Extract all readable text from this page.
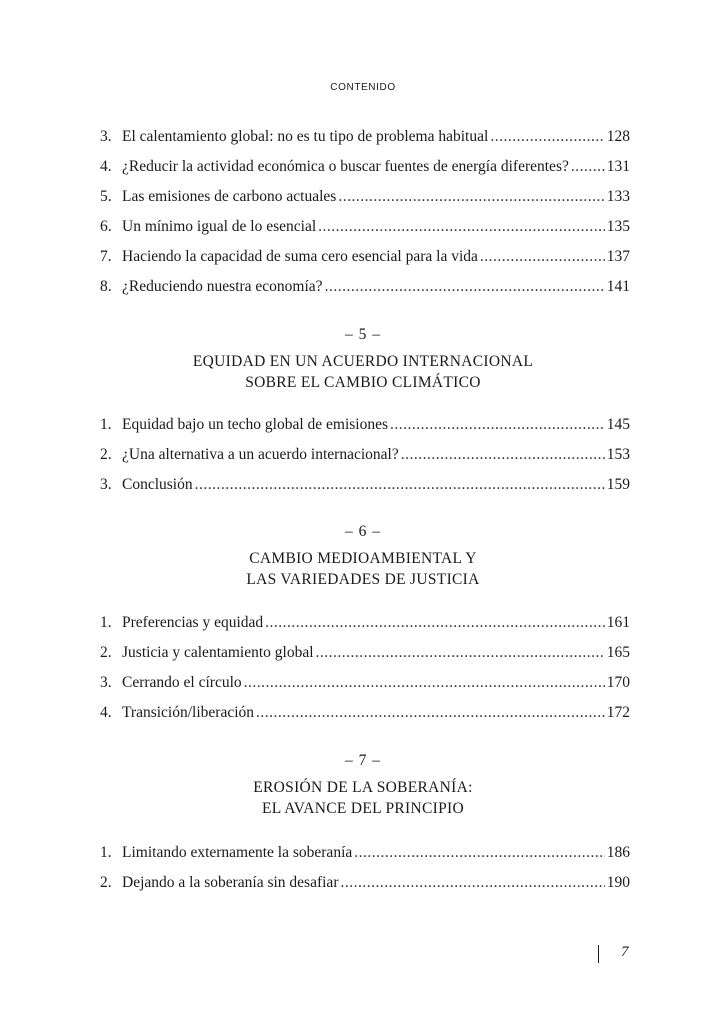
CONTENIDO
3. El calentamiento global: no es tu tipo de problema habitual .....	128
4. ¿Reducir la actividad económica o buscar fuentes de energía diferentes? ..... 131
5. Las emisiones de carbono actuales .....	133
6. Un mínimo igual de lo esencial .....	135
7. Haciendo la capacidad de suma cero esencial para la vida .....	137
8. ¿Reduciendo nuestra economía? .....	141
– 5 –
EQUIDAD EN UN ACUERDO INTERNACIONAL
SOBRE EL CAMBIO CLIMÁTICO
1. Equidad bajo un techo global de emisiones .....	145
2. ¿Una alternativa a un acuerdo internacional? .....	153
3. Conclusión .....	159
– 6 –
CAMBIO MEDIOAMBIENTAL Y
LAS VARIEDADES DE JUSTICIA
1. Preferencias y equidad .....	161
2. Justicia y calentamiento global .....	165
3. Cerrando el círculo .....	170
4. Transición/liberación .....	172
– 7 –
EROSIÓN DE LA SOBERANÍA:
EL AVANCE DEL PRINCIPIO
1. Limitando externamente la soberanía .....	186
2. Dejando a la soberanía sin desafiar .....	190
7
